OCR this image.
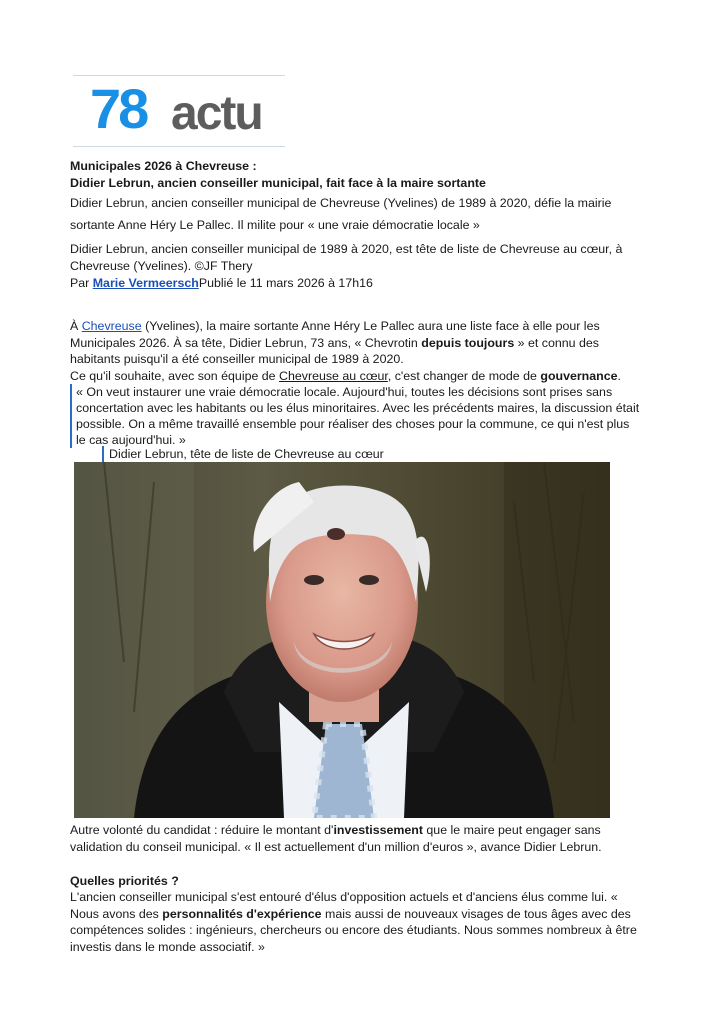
78 actu
Municipales 2026 à Chevreuse :
Didier Lebrun, ancien conseiller municipal, fait face à la maire sortante
Didier Lebrun, ancien conseiller municipal de Chevreuse (Yvelines) de 1989 à 2020, défie la mairie
sortante Anne Héry Le Pallec. Il milite pour « une vraie démocratie locale »
Didier Lebrun, ancien conseiller municipal de 1989 à 2020, est tête de liste de Chevreuse au cœur, à
Chevreuse (Yvelines). ©JF Thery
Par Marie VermeerschPublié le 11 mars 2026 à 17h16
À Chevreuse (Yvelines), la maire sortante Anne Héry Le Pallec aura une liste face à elle pour les
Municipales 2026. À sa tête, Didier Lebrun, 73 ans, « Chevrotin depuis toujours » et connu des
habitants puisqu'il a été conseiller municipal de 1989 à 2020.
Ce qu'il souhaite, avec son équipe de Chevreuse au cœur, c'est changer de mode de gouvernance.
« On veut instaurer une vraie démocratie locale. Aujourd'hui, toutes les décisions sont prises sans
concertation avec les habitants ou les élus minoritaires. Avec les précédents maires, la discussion était
possible. On a même travaillé ensemble pour réaliser des choses pour la commune, ce qui n'est plus
le cas aujourd'hui. »
Didier Lebrun, tête de liste de Chevreuse au cœur
Autre volonté du candidat : réduire le montant d'investissement que le maire peut engager sans
validation du conseil municipal. « Il est actuellement d'un million d'euros », avance Didier Lebrun.
Quelles priorités ?
L'ancien conseiller municipal s'est entouré d'élus d'opposition actuels et d'anciens élus comme lui. «
Nous avons des personnalités d'expérience mais aussi de nouveaux visages de tous âges avec des
compétences solides : ingénieurs, chercheurs ou encore des étudiants. Nous sommes nombreux à être
investis dans le monde associatif. »
